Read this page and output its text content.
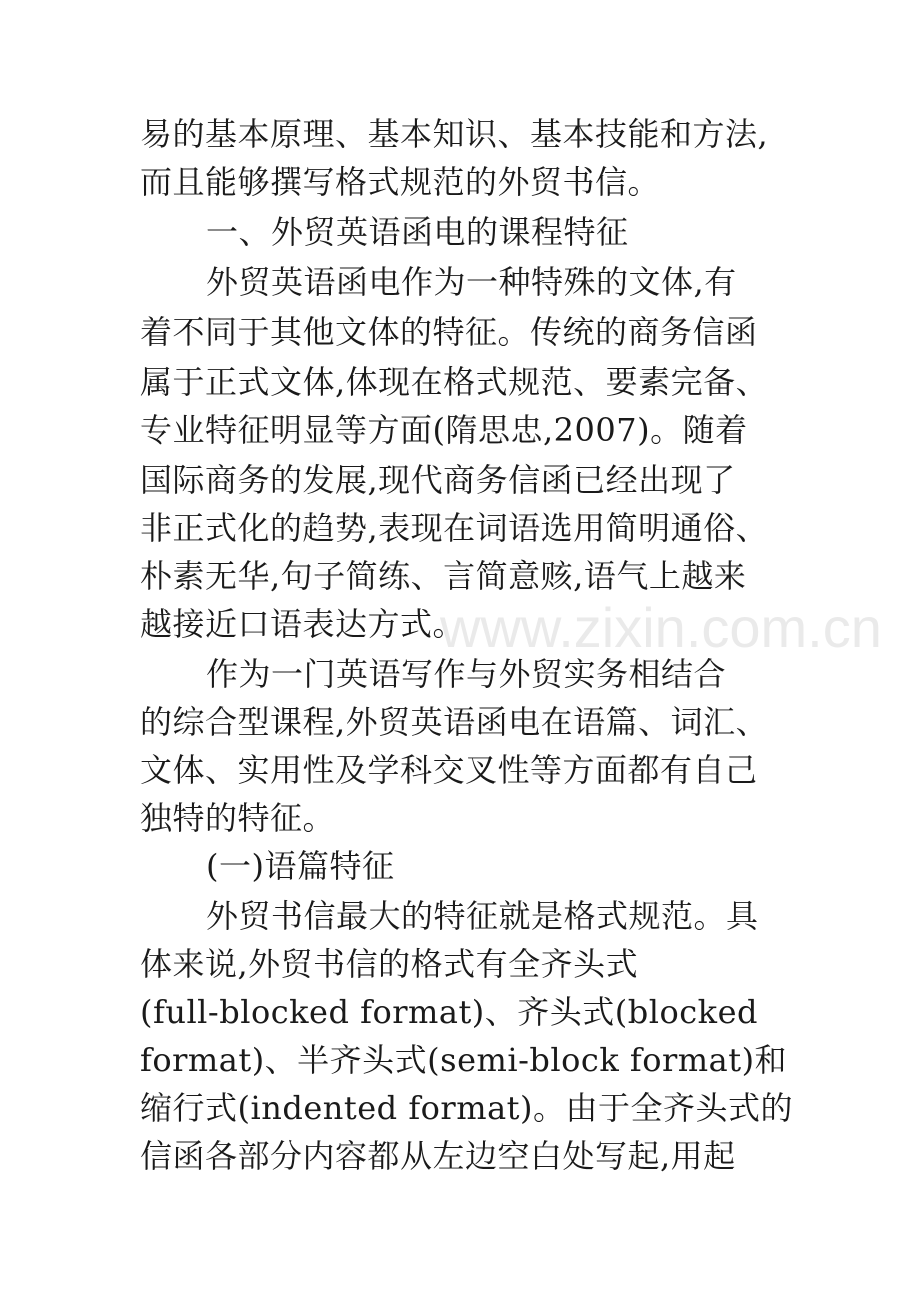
易的基本原理、基本知识、基本技能和方法,
而且能够撰写格式规范的外贸书信。
一、外贸英语函电的课程特征
外贸英语函电作为一种特殊的文体,有
着不同于其他文体的特征。传统的商务信函
属于正式文体,体现在格式规范、要素完备、
专业特征明显等方面(隋思忠,2007)。随着
国际商务的发展,现代商务信函已经出现了
非正式化的趋势,表现在词语选用简明通俗、
朴素无华,句子简练、言简意赅,语气上越来
越接近口语表达方式。
作为一门英语写作与外贸实务相结合
的综合型课程,外贸英语函电在语篇、词汇、
文体、实用性及学科交叉性等方面都有自己
独特的特征。
(一)语篇特征
外贸书信最大的特征就是格式规范。具
体来说,外贸书信的格式有全齐头式
(full-blocked format)、齐头式(blocked
format)、半齐头式(semi-block format)和
缩行式(indented format)。由于全齐头式的
信函各部分内容都从左边空白处写起,用起
www.zixin.com.cn
